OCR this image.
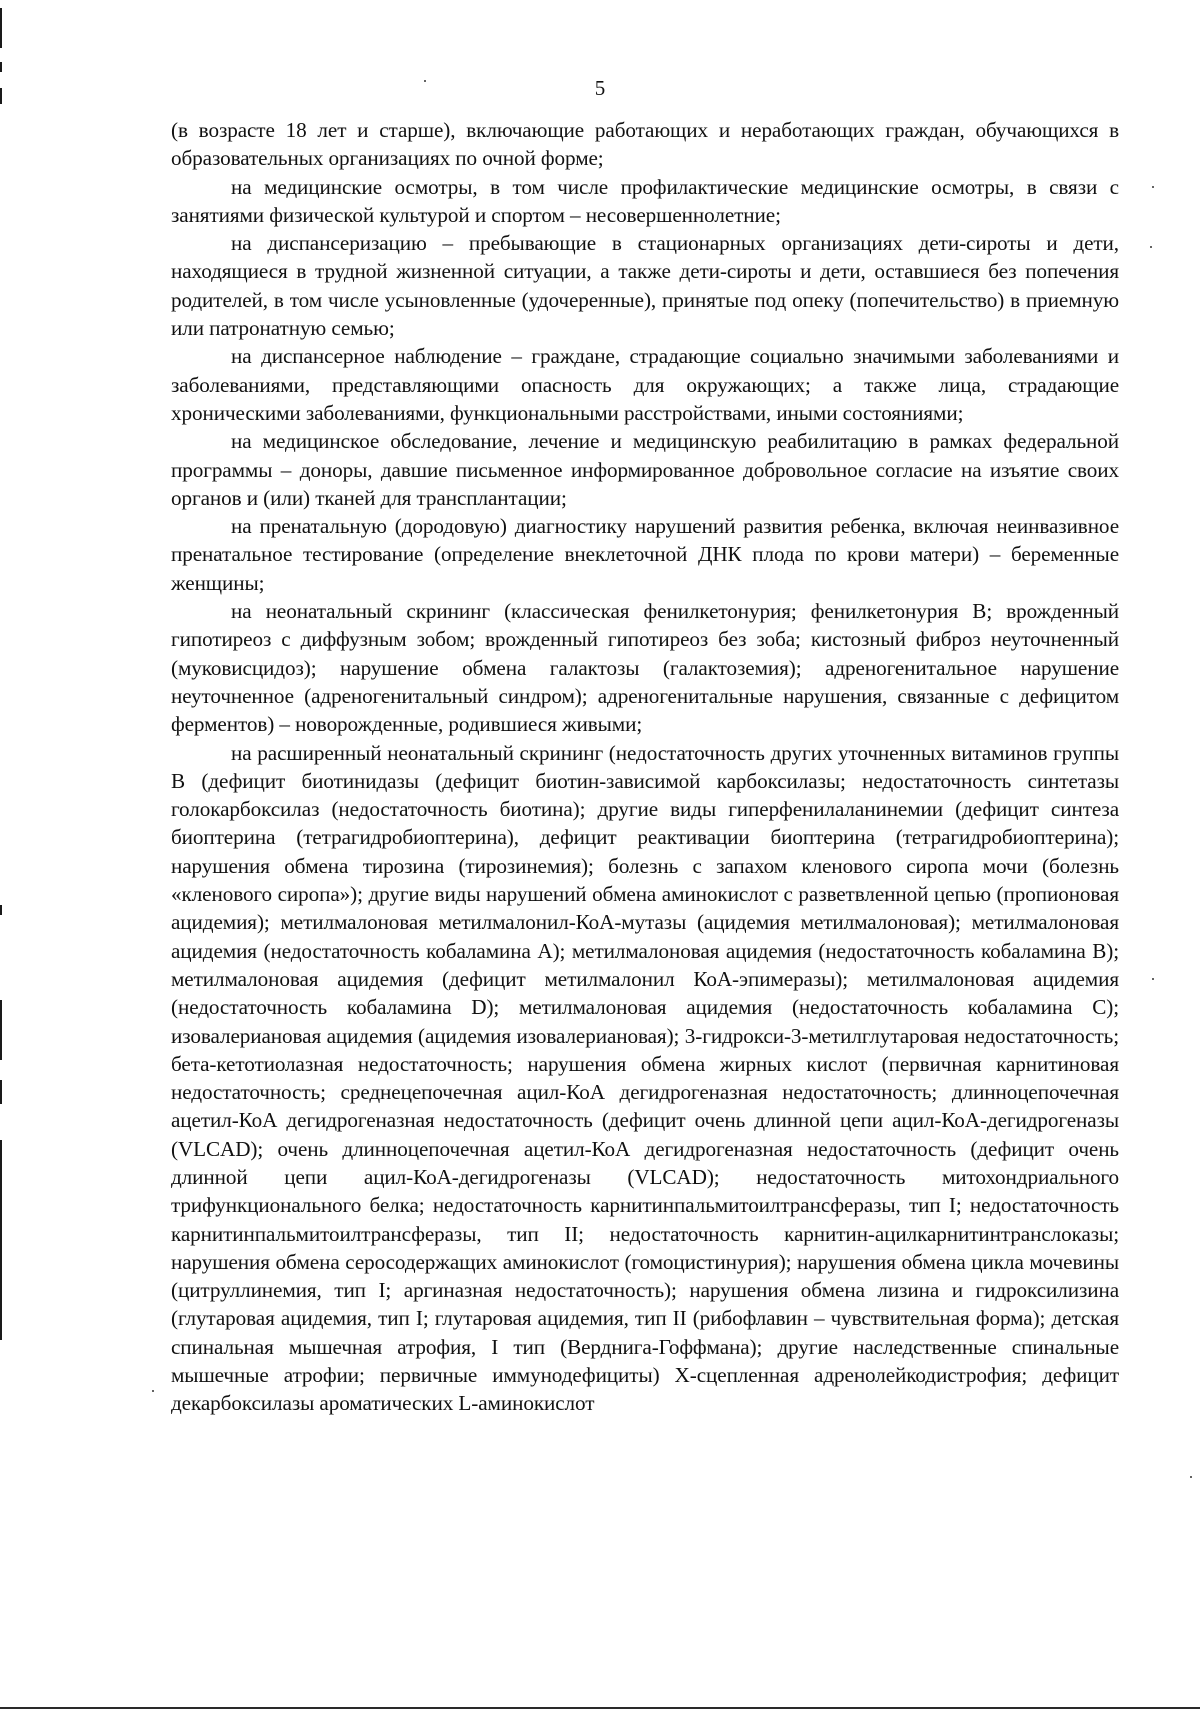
5

(в возрасте 18 лет и старше), включающие работающих и неработающих граждан, обучающихся в образовательных организациях по очной форме;

на медицинские осмотры, в том числе профилактические медицинские осмотры, в связи с занятиями физической культурой и спортом – несовершеннолетние;

на диспансеризацию – пребывающие в стационарных организациях дети-сироты и дети, находящиеся в трудной жизненной ситуации, а также дети-сироты и дети, оставшиеся без попечения родителей, в том числе усыновленные (удочеренные), принятые под опеку (попечительство) в приемную или патронатную семью;

на диспансерное наблюдение – граждане, страдающие социально значимыми заболеваниями и заболеваниями, представляющими опасность для окружающих; а также лица, страдающие хроническими заболеваниями, функциональными расстройствами, иными состояниями;

на медицинское обследование, лечение и медицинскую реабилитацию в рамках федеральной программы – доноры, давшие письменное информированное добровольное согласие на изъятие своих органов и (или) тканей для трансплантации;

на пренатальную (дородовую) диагностику нарушений развития ребенка, включая неинвазивное пренатальное тестирование (определение внеклеточной ДНК плода по крови матери) – беременные женщины;

на неонатальный скрининг (классическая фенилкетонурия; фенилкетонурия В; врожденный гипотиреоз с диффузным зобом; врожденный гипотиреоз без зоба; кистозный фиброз неуточненный (муковисцидоз); нарушение обмена галактозы (галактоземия); адреногенитальное нарушение неуточненное (адреногенитальный синдром); адреногенитальные нарушения, связанные с дефицитом ферментов) – новорожденные, родившиеся живыми;

на расширенный неонатальный скрининг (недостаточность других уточненных витаминов группы В (дефицит биотинидазы (дефицит биотин-зависимой карбоксилазы; недостаточность синтетазы голокарбоксилаз (недостаточность биотина); другие виды гиперфенилаланинемии (дефицит синтеза биоптерина (тетрагидробиоптерина), дефицит реактивации биоптерина (тетрагидробиоптерина); нарушения обмена тирозина (тирозинемия); болезнь с запахом кленового сиропа мочи (болезнь «кленового сиропа»); другие виды нарушений обмена аминокислот с разветвленной цепью (пропионовая ацидемия); метилмалоновая метилмалонил-КоА-мутазы (ацидемия метилмалоновая); метилмалоновая ацидемия (недостаточность кобаламина А); метилмалоновая ацидемия (недостаточность кобаламина В); метилмалоновая ацидемия (дефицит метилмалонил КоА-эпимеразы); метилмалоновая ацидемия (недостаточность кобаламина D); метилмалоновая ацидемия (недостаточность кобаламина С); изовалериановая ацидемия (ацидемия изовалериановая); 3-гидрокси-3-метилглутаровая недостаточность; бета-кетотиолазная недостаточность; нарушения обмена жирных кислот (первичная карнитиновая недостаточность; среднецепочечная ацил-КоА дегидрогеназная недостаточность; длинноцепочечная ацетил-КоА дегидрогеназная недостаточность (дефицит очень длинной цепи ацил-КоА-дегидрогеназы (VLCAD); очень длинноцепочечная ацетил-КоА дегидрогеназная недостаточность (дефицит очень длинной цепи ацил-КоА-дегидрогеназы (VLCAD); недостаточность митохондриального трифункционального белка; недостаточность карнитинпальмитоилтрансферазы, тип I; недостаточность карнитинпальмитоилтрансферазы, тип II; недостаточность карнитин-ацилкарнитинтранслоказы; нарушения обмена серосодержащих аминокислот (гомоцистинурия); нарушения обмена цикла мочевины (цитруллинемия, тип I; аргиназная недостаточность); нарушения обмена лизина и гидроксилизина (глутаровая ацидемия, тип I; глутаровая ацидемия, тип II (рибофлавин – чувствительная форма); детская спинальная мышечная атрофия, I тип (Верднига-Гоффмана); другие наследственные спинальные мышечные атрофии; первичные иммунодефициты) Х-сцепленная адренолейкодистрофия; дефицит декарбоксилазы ароматических L-аминокислот
